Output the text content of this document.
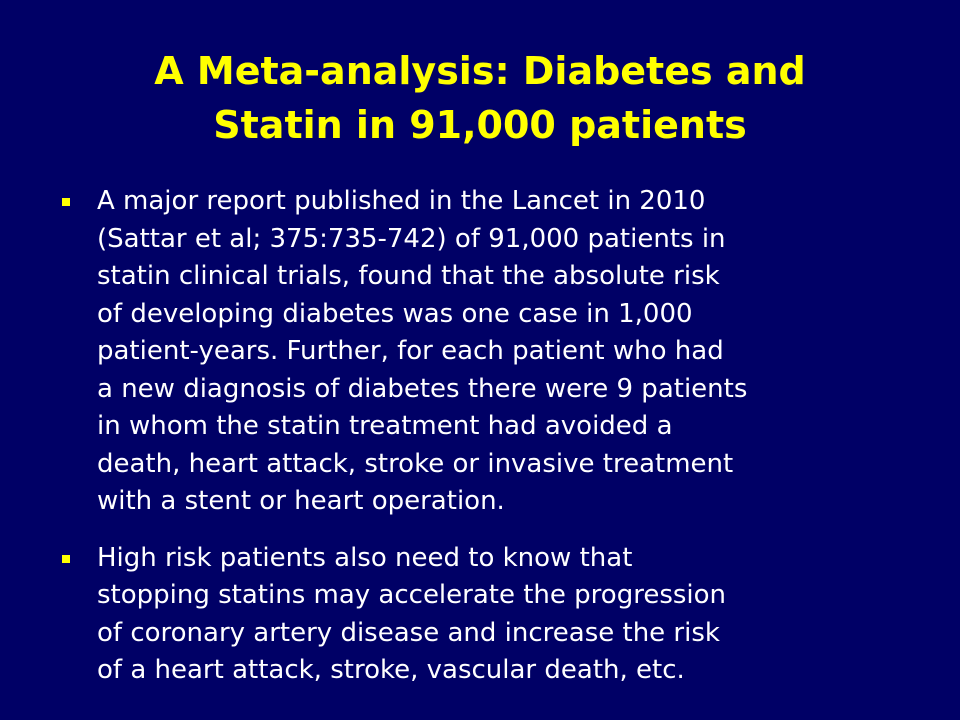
A Meta-analysis: Diabetes and
Statin in 91,000 patients
A major report published in the Lancet in 2010
(Sattar et al; 375:735-742) of 91,000 patients in
statin clinical trials, found that the absolute risk
of developing diabetes was one case in 1,000
patient-years. Further, for each patient who had
a new diagnosis of diabetes there were 9 patients
in whom the statin treatment had avoided a
death, heart attack, stroke or invasive treatment
with a stent or heart operation.
High risk patients also need to know that
stopping statins may accelerate the progression
of coronary artery disease and increase the risk
of a heart attack, stroke, vascular death, etc.
